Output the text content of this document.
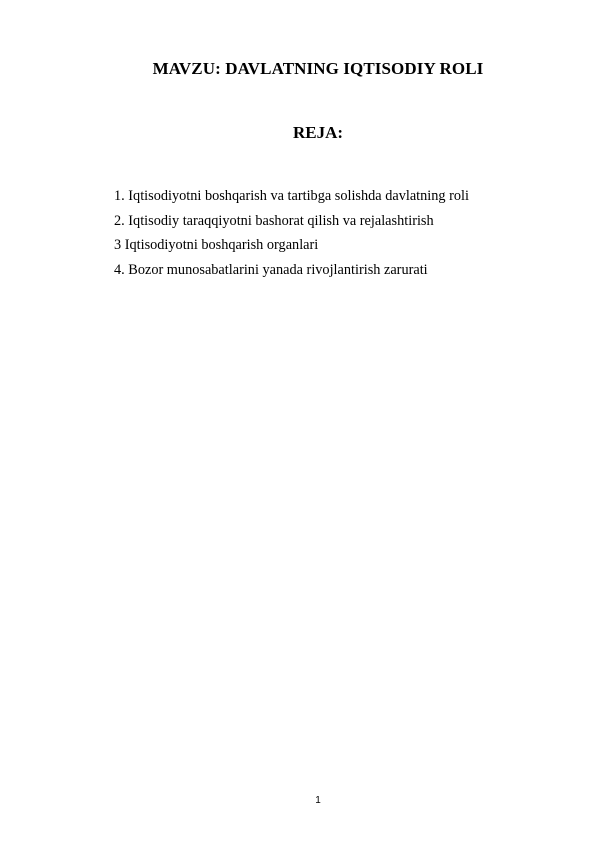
MAVZU: DAVLATNING IQTISODIY ROLI
REJA:
1. Iqtisodiyotni boshqarish va tartibga solishda davlatning roli
2. Iqtisodiy taraqqiyotni bashorat qilish va rejalashtirish
3 Iqtisodiyotni boshqarish organlari
4. Bozor munosabatlarini yanada rivojlantirish zarurati
1
